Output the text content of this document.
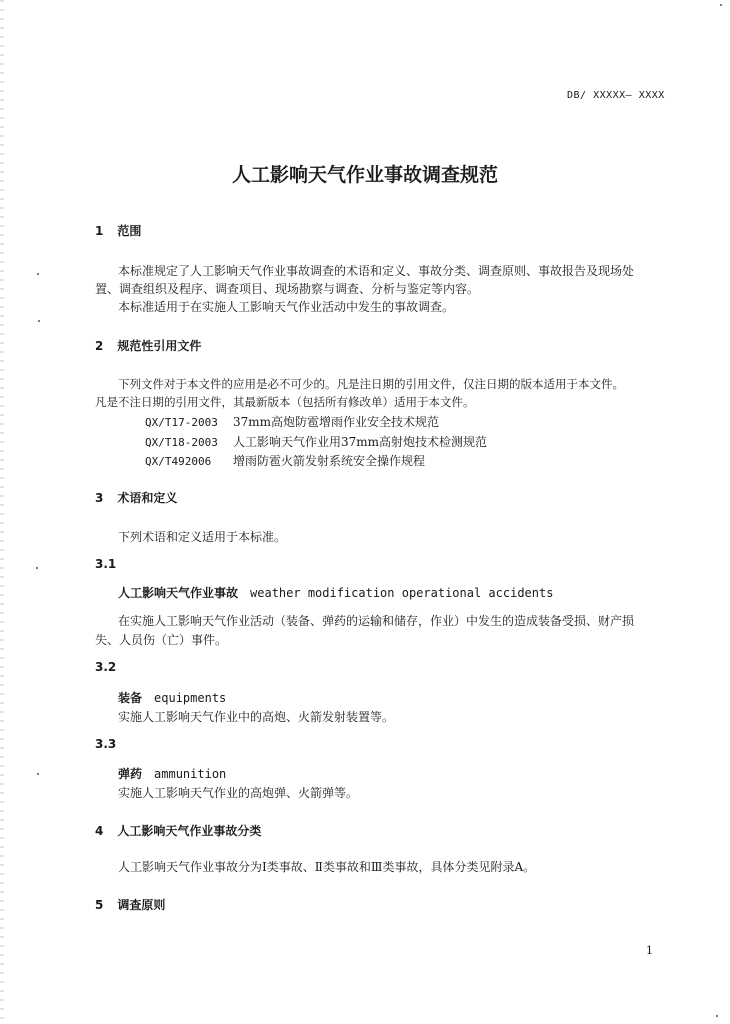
DB/ XXXXX— XXXX
人工影响天气作业事故调查规范
1 范围
本标准规定了人工影响天气作业事故调查的术语和定义、事故分类、调查原则、事故报告及现场处
置、调查组织及程序、调查项目、现场勘察与调查、分析与鉴定等内容。
本标准适用于在实施人工影响天气作业活动中发生的事故调查。
2 规范性引用文件
下列文件对于本文件的应用是必不可少的。凡是注日期的引用文件，仅注日期的版本适用于本文件。
凡是不注日期的引用文件，其最新版本（包括所有修改单）适用于本文件。
QX/T17-2003 37mm高炮防雹增雨作业安全技术规范
QX/T18-2003 人工影响天气作业用37mm高射炮技术检测规范
QX/T492006 增雨防雹火箭发射系统安全操作规程
3 术语和定义
下列术语和定义适用于本标准。
3.1
人工影响天气作业事故 weather modification operational accidents
在实施人工影响天气作业活动（装备、弹药的运输和储存，作业）中发生的造成装备受损、财产损
失、人员伤（亡）事件。
3.2
装备 equipments
实施人工影响天气作业中的高炮、火箭发射装置等。
3.3
弹药 ammunition
实施人工影响天气作业的高炮弹、火箭弹等。
4 人工影响天气作业事故分类
人工影响天气作业事故分为Ⅰ类事故、Ⅱ类事故和Ⅲ类事故，具体分类见附录A。
5 调查原则
1
